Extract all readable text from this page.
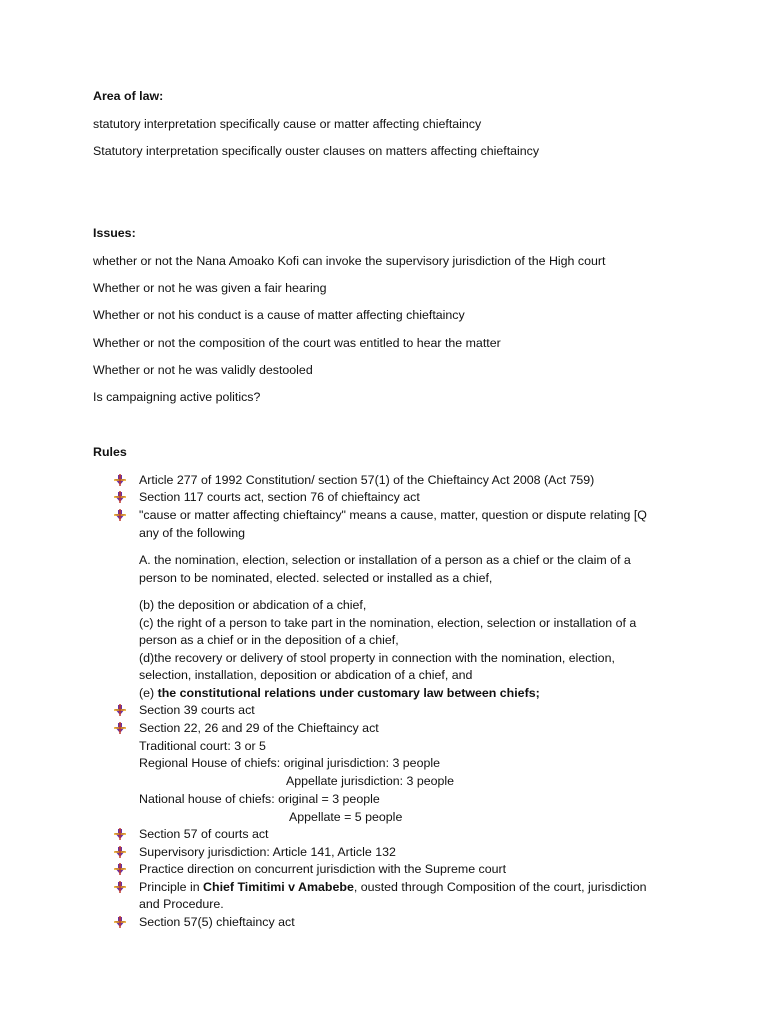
Area of law:
statutory interpretation specifically cause or matter affecting chieftaincy
Statutory interpretation specifically ouster clauses on matters affecting chieftaincy
Issues:
whether or not the Nana Amoako Kofi can invoke the supervisory jurisdiction of the High court
Whether or not he was given a fair hearing
Whether or not his conduct is a cause of matter affecting chieftaincy
Whether or not the composition of the court was entitled to hear the matter
Whether or not he was validly destooled
Is campaigning active politics?
Rules
Article 277 of 1992 Constitution/ section 57(1) of the Chieftaincy Act 2008 (Act 759)
Section 117 courts act, section 76 of chieftaincy act
"cause or matter affecting chieftaincy" means a cause, matter, question or dispute relating [Q
any of the following
A. the nomination, election, selection or installation of a person as a chief or the claim of a
person to be nominated, elected. selected or installed as a chief,
(b) the deposition or abdication of a chief,
(c) the right of a person to take part in the nomination, election, selection or installation of a
person as a chief or in the deposition of a chief,
(d)the recovery or delivery of stool property in connection with the nomination, election,
selection, installation, deposition or abdication of a chief, and
(e) the constitutional relations under customary law between chiefs;
Section 39 courts act
Section 22, 26 and 29 of the Chieftaincy act
Traditional court: 3 or 5
Regional House of chiefs: original jurisdiction: 3 people
Appellate jurisdiction: 3 people
National house of chiefs: original = 3 people
Appellate = 5 people
Section 57 of courts act
Supervisory jurisdiction: Article 141, Article 132
Practice direction on concurrent jurisdiction with the Supreme court
Principle in Chief Timitimi v Amabebe, ousted through Composition of the court, jurisdiction
and Procedure.
Section 57(5) chieftaincy act
